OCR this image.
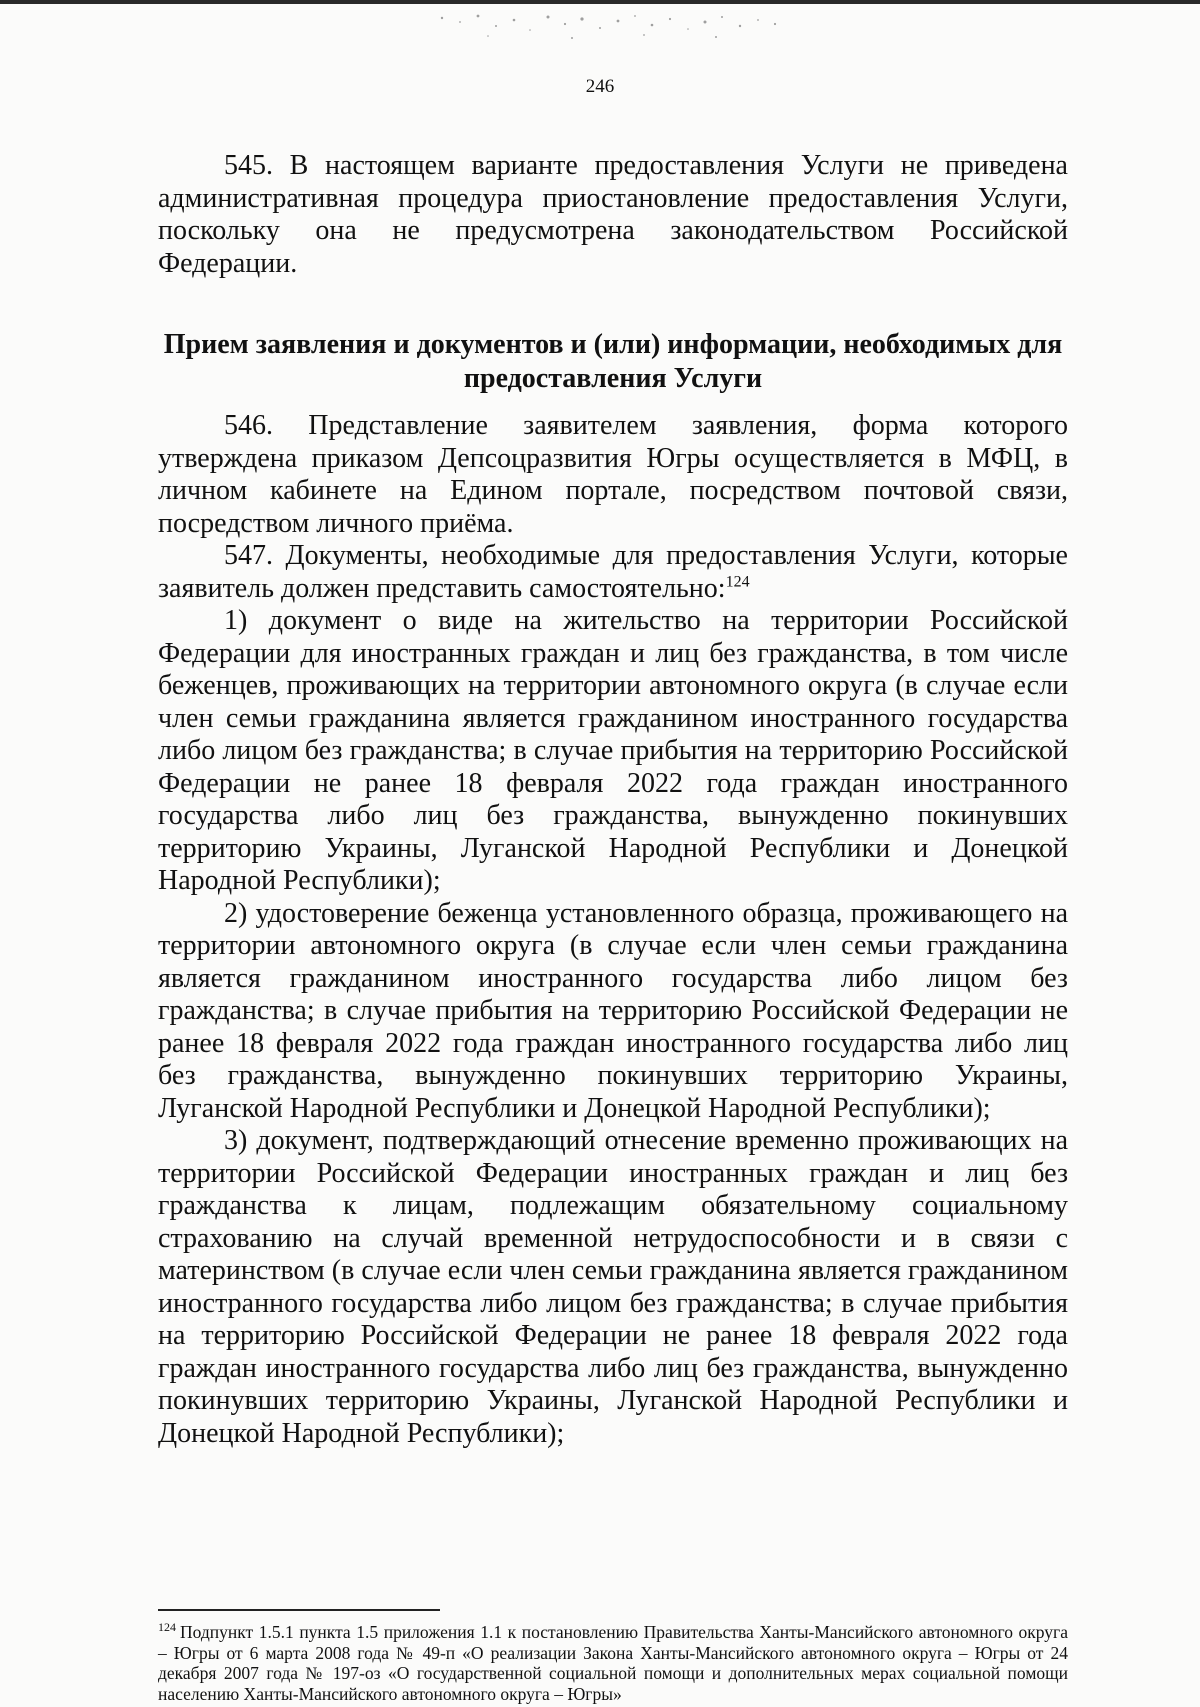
246

545. В настоящем варианте предоставления Услуги не приведена административная процедура приостановление предоставления Услуги, поскольку она не предусмотрена законодательством Российской Федерации.

Прием заявления и документов и (или) информации, необходимых для предоставления Услуги

546. Представление заявителем заявления, форма которого утверждена приказом Депсоцразвития Югры осуществляется в МФЦ, в личном кабинете на Едином портале, посредством почтовой связи, посредством личного приёма.

547. Документы, необходимые для предоставления Услуги, которые заявитель должен представить самостоятельно:$^{124}$

1) документ о виде на жительство на территории Российской Федерации для иностранных граждан и лиц без гражданства, в том числе беженцев, проживающих на территории автономного округа (в случае если член семьи гражданина является гражданином иностранного государства либо лицом без гражданства; в случае прибытия на территорию Российской Федерации не ранее 18 февраля 2022 года граждан иностранного государства либо лиц без гражданства, вынужденно покинувших территорию Украины, Луганской Народной Республики и Донецкой Народной Республики);

2) удостоверение беженца установленного образца, проживающего на территории автономного округа (в случае если член семьи гражданина является гражданином иностранного государства либо лицом без гражданства; в случае прибытия на территорию Российской Федерации не ранее 18 февраля 2022 года граждан иностранного государства либо лиц без гражданства, вынужденно покинувших территорию Украины, Луганской Народной Республики и Донецкой Народной Республики);

3) документ, подтверждающий отнесение временно проживающих на территории Российской Федерации иностранных граждан и лиц без гражданства к лицам, подлежащим обязательному социальному страхованию на случай временной нетрудоспособности и в связи с материнством (в случае если член семьи гражданина является гражданином иностранного государства либо лицом без гражданства; в случае прибытия на территорию Российской Федерации не ранее 18 февраля 2022 года граждан иностранного государства либо лиц без гражданства, вынужденно покинувших территорию Украины, Луганской Народной Республики и Донецкой Народной Республики);

$^{124}$ Подпункт 1.5.1 пункта 1.5 приложения 1.1 к постановлению Правительства Ханты-Мансийского автономного округа – Югры от 6 марта 2008 года № 49-п «О реализации Закона Ханты-Мансийского автономного округа – Югры от 24 декабря 2007 года № 197-оз «О государственной социальной помощи и дополнительных мерах социальной помощи населению Ханты-Мансийского автономного округа – Югры»
